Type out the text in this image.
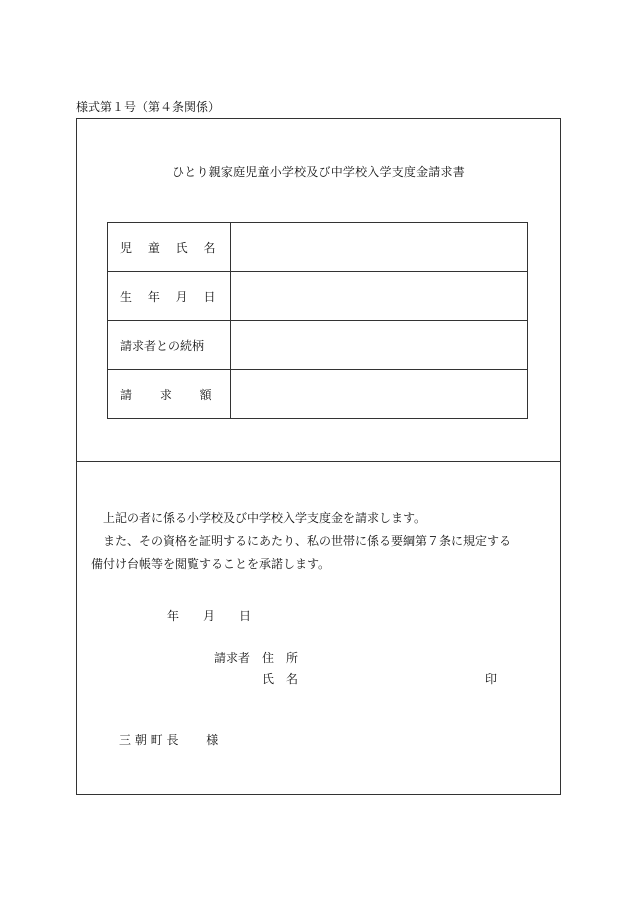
様式第１号（第４条関係）
ひとり親家庭児童小学校及び中学校入学支度金請求書
児　 童　 氏　 名	
生　 年　 月　 日	
請求者との続柄	
請　　 求　　 額	

　上記の者に係る小学校及び中学校入学支度金を請求します。

　また、その資格を証明するにあたり、私の世帯に係る要綱第７条に規定する

備付け台帳等を閲覧することを承諾します。

年　　月　　日
請求者　住　所
氏　名	印
三 朝 町 長 　　様
